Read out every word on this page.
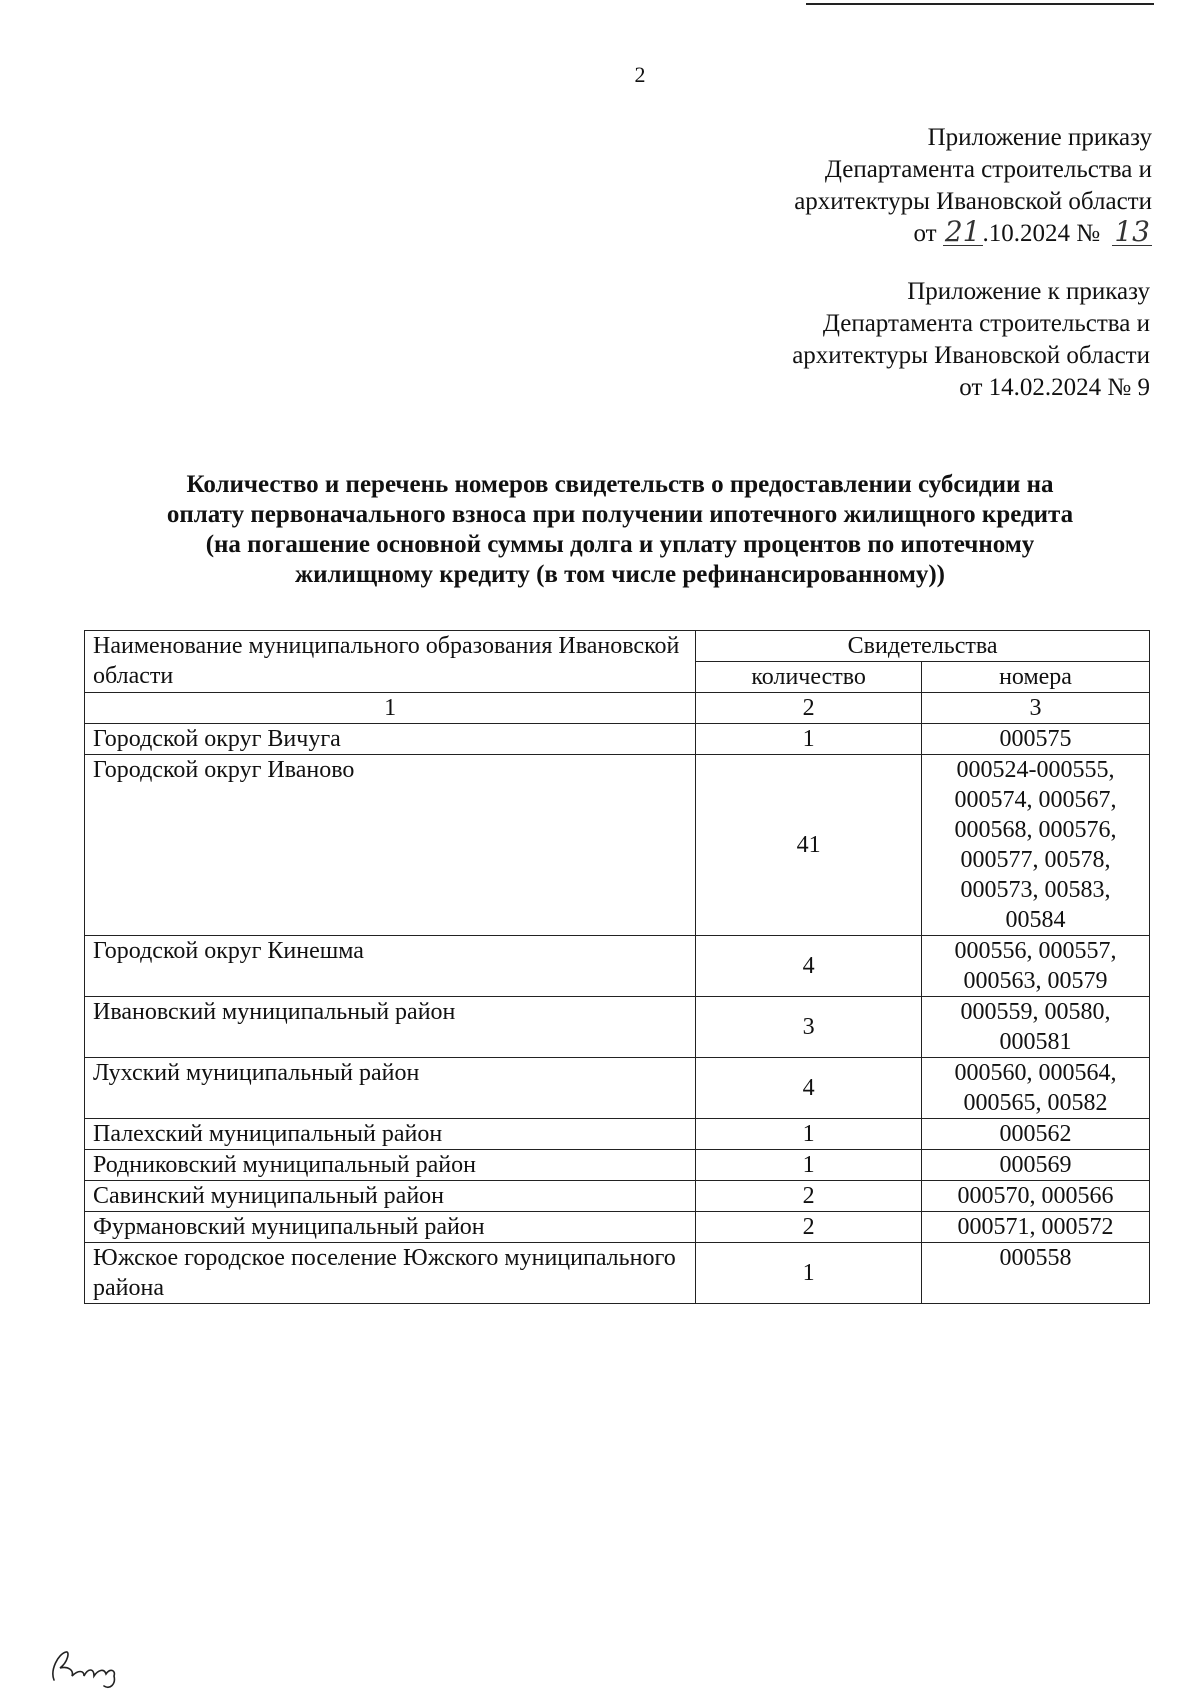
2
Приложение приказу
Департамента строительства и
архитектуры Ивановской области
от 21.10.2024 № 13
Приложение к приказу
Департамента строительства и
архитектуры Ивановской области
от 14.02.2024 № 9
Количество и перечень номеров свидетельств о предоставлении субсидии на
оплату первоначального взноса при получении ипотечного жилищного кредита
(на погашение основной суммы долга и уплату процентов по ипотечному
жилищному кредиту (в том числе рефинансированному))
Наименование муниципального образования Ивановской области	Свидетельства	
	количество	номера
1	2	3
Городской округ Вичуга	1	000575
Городской округ Иваново	41	000524-000555, 000574, 000567, 000568, 000576, 000577, 00578, 000573, 00583, 00584
Городской округ Кинешма	4	000556, 000557, 000563, 00579
Ивановский муниципальный район	3	000559, 00580, 000581
Лухский муниципальный район	4	000560, 000564, 000565, 00582
Палехский муниципальный район	1	000562
Родниковский муниципальный район	1	000569
Савинский муниципальный район	2	000570, 000566
Фурмановский муниципальный район	2	000571, 000572
Южское городское поселение Южского муниципального района	1	000558
